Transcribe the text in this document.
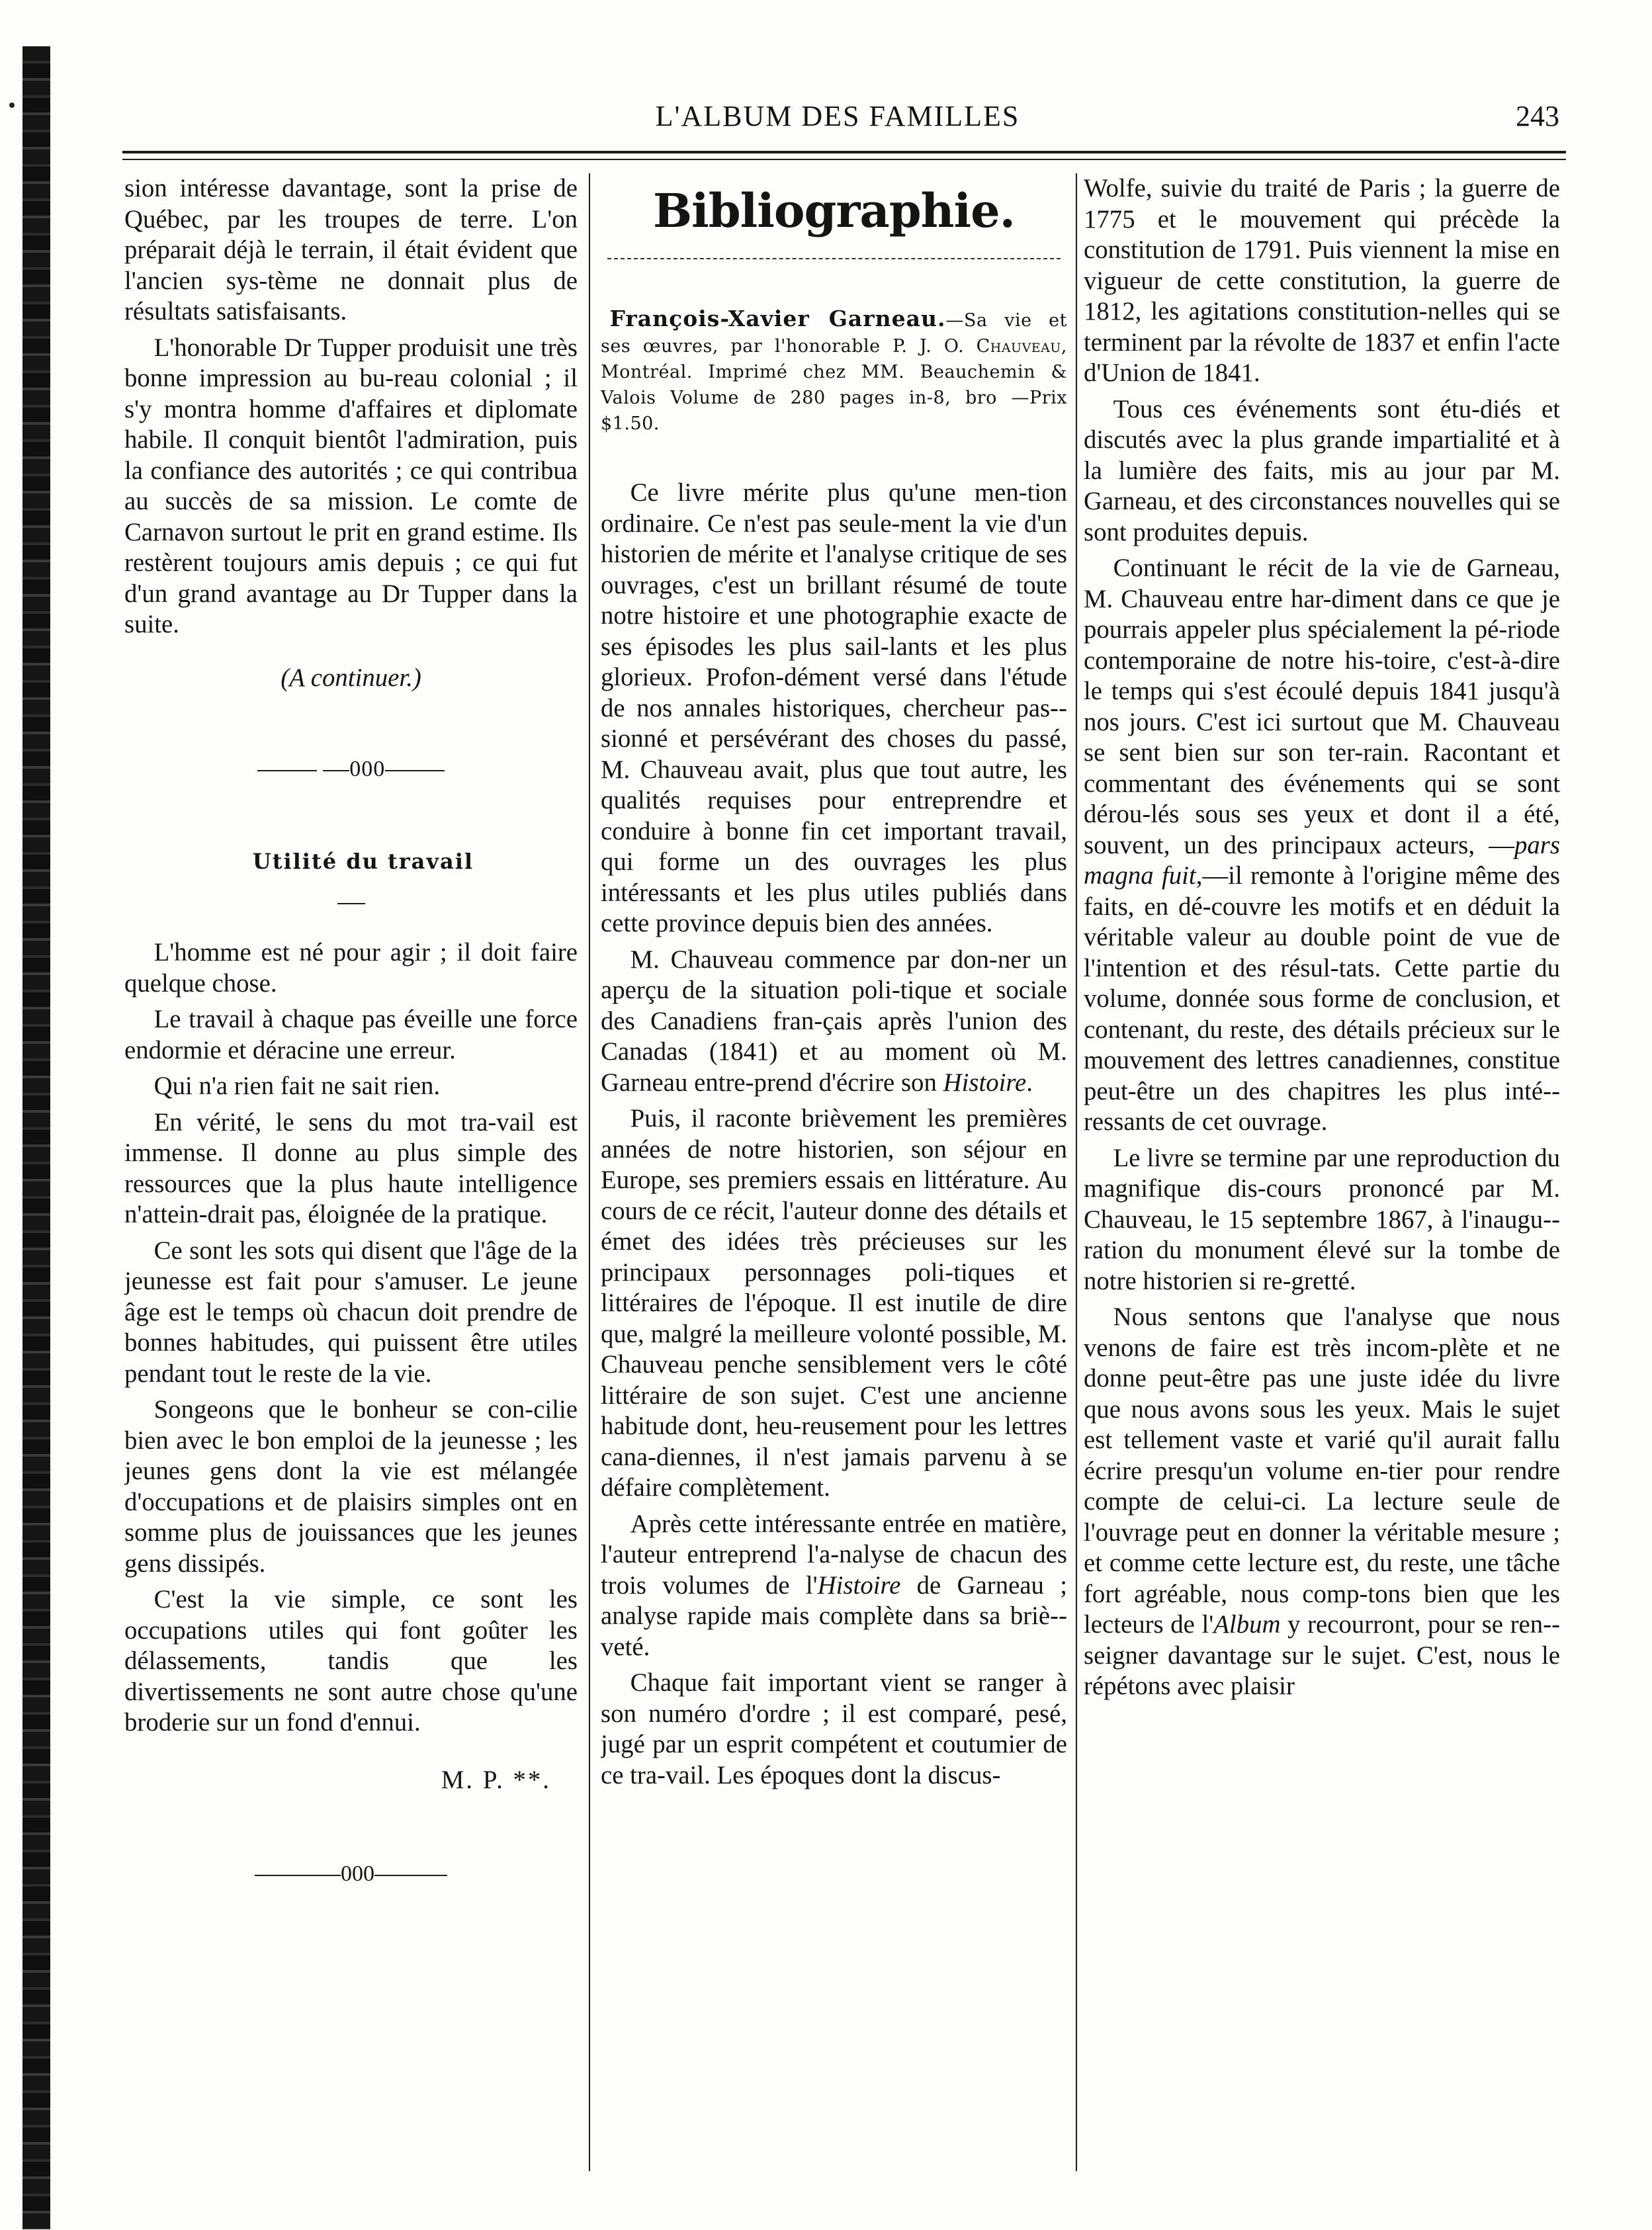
L'ALBUM DES FAMILLES	243

sion intéresse davantage, sont la prise de Québec, par les troupes de terre. L'on préparait déjà le terrain, il était évident que l'ancien sys-tème ne donnait plus de résultats satisfaisants.

L'honorable Dr Tupper produisit une très bonne impression au bu-reau colonial ; il s'y montra homme d'affaires et diplomate habile. Il conquit bientôt l'admiration, puis la confiance des autorités ; ce qui contribua au succès de sa mission. Le comte de Carnavon surtout le prit en grand estime. Ils restèrent toujours amis depuis ; ce qui fut d'un grand avantage au Dr Tupper dans la suite.

(A continuer.)

000

Utilité du travail

L'homme est né pour agir ; il doit faire quelque chose.

Le travail à chaque pas éveille une force endormie et déracine une erreur.

Qui n'a rien fait ne sait rien.

En vérité, le sens du mot tra-vail est immense. Il donne au plus simple des ressources que la plus haute intelligence n'attein-drait pas, éloignée de la pratique.

Ce sont les sots qui disent que l'âge de la jeunesse est fait pour s'amuser. Le jeune âge est le temps où chacun doit prendre de bonnes habitudes, qui puissent être utiles pendant tout le reste de la vie.

Songeons que le bonheur se con-cilie bien avec le bon emploi de la jeunesse ; les jeunes gens dont la vie est mélangée d'occupations et de plaisirs simples ont en somme plus de jouissances que les jeunes gens dissipés.

C'est la vie simple, ce sont les occupations utiles qui font goûter les délassements, tandis que les divertissements ne sont autre chose qu'une broderie sur un fond d'ennui.

M. P. **.
000
Bibliographie.
François-Xavier Garneau.—Sa vie et ses œuvres, par l'honorable P. J. O. Chauveau, Montréal. Imprimé chez MM. Beauchemin & Valois Volume de 280 pages in-8, bro —Prix $1.50.

Ce livre mérite plus qu'une men-tion ordinaire. Ce n'est pas seule-ment la vie d'un historien de mérite et l'analyse critique de ses ouvrages, c'est un brillant résumé de toute notre histoire et une photographie exacte de ses épisodes les plus sail-lants et les plus glorieux. Profon-dément versé dans l'étude de nos annales historiques, chercheur pas-sionné et persévérant des choses du passé, M. Chauveau avait, plus que tout autre, les qualités requises pour entreprendre et conduire à bonne fin cet important travail, qui forme un des ouvrages les plus intéressants et les plus utiles publiés dans cette province depuis bien des années.

M. Chauveau commence par don-ner un aperçu de la situation poli-tique et sociale des Canadiens fran-çais après l'union des Canadas (1841) et au moment où M. Garneau entre-prend d'écrire son Histoire.

Puis, il raconte brièvement les premières années de notre historien, son séjour en Europe, ses premiers essais en littérature. Au cours de ce récit, l'auteur donne des détails et émet des idées très précieuses sur les principaux personnages poli-tiques et littéraires de l'époque. Il est inutile de dire que, malgré la meilleure volonté possible, M. Chauveau penche sensiblement vers le côté littéraire de son sujet. C'est une ancienne habitude dont, heu-reusement pour les lettres cana-diennes, il n'est jamais parvenu à se défaire complètement.

Après cette intéressante entrée en matière, l'auteur entreprend l'a-nalyse de chacun des trois volumes de l'Histoire de Garneau ; analyse rapide mais complète dans sa briè-veté.

Chaque fait important vient se ranger à son numéro d'ordre ; il est comparé, pesé, jugé par un esprit compétent et coutumier de ce tra-vail. Les époques dont la discus-

Wolfe, suivie du traité de Paris ; la guerre de 1775 et le mouvement qui précède la constitution de 1791. Puis viennent la mise en vigueur de cette constitution, la guerre de 1812, les agitations constitution-nelles qui se terminent par la révolte de 1837 et enfin l'acte d'Union de 1841.

Tous ces événements sont étu-diés et discutés avec la plus grande impartialité et à la lumière des faits, mis au jour par M. Garneau, et des circonstances nouvelles qui se sont produites depuis.

Continuant le récit de la vie de Garneau, M. Chauveau entre har-diment dans ce que je pourrais appeler plus spécialement la pé-riode contemporaine de notre his-toire, c'est-à-dire le temps qui s'est écoulé depuis 1841 jusqu'à nos jours. C'est ici surtout que M. Chauveau se sent bien sur son ter-rain. Racontant et commentant des événements qui se sont dérou-lés sous ses yeux et dont il a été, souvent, un des principaux acteurs, —pars magna fuit,—il remonte à l'origine même des faits, en dé-couvre les motifs et en déduit la véritable valeur au double point de vue de l'intention et des résul-tats. Cette partie du volume, donnée sous forme de conclusion, et contenant, du reste, des détails précieux sur le mouvement des lettres canadiennes, constitue peut-être un des chapitres les plus inté-ressants de cet ouvrage.

Le livre se termine par une reproduction du magnifique dis-cours prononcé par M. Chauveau, le 15 septembre 1867, à l'inaugu-ration du monument élevé sur la tombe de notre historien si re-gretté.

Nous sentons que l'analyse que nous venons de faire est très incom-plète et ne donne peut-être pas une juste idée du livre que nous avons sous les yeux. Mais le sujet est tellement vaste et varié qu'il aurait fallu écrire presqu'un volume en-tier pour rendre compte de celui-ci. La lecture seule de l'ouvrage peut en donner la véritable mesure ; et comme cette lecture est, du reste, une tâche fort agréable, nous comp-tons bien que les lecteurs de l'Album y recourront, pour se ren-seigner davantage sur le sujet. C'est, nous le répétons avec plaisir
